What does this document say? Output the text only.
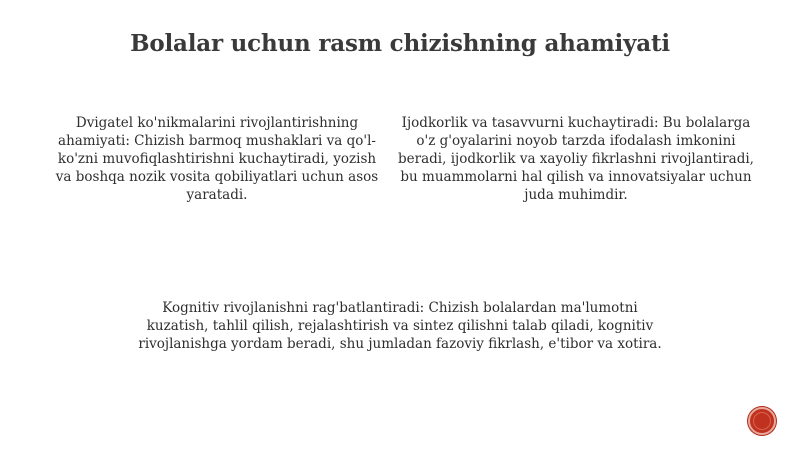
Bolalar uchun rasm chizishning ahamiyati

Dvigatel ko'nikmalarini rivojlantirishning ahamiyati: Chizish barmoq mushaklari va qo'l-ko'zni muvofiqlashtirishni kuchaytiradi, yozish va boshqa nozik vosita qobiliyatlari uchun asos yaratadi.

Ijodkorlik va tasavvurni kuchaytiradi: Bu bolalarga o'z g'oyalarini noyob tarzda ifodalash imkonini beradi, ijodkorlik va xayoliy fikrlashni rivojlantiradi, bu muammolarni hal qilish va innovatsiyalar uchun juda muhimdir.

Kognitiv rivojlanishni rag'batlantiradi: Chizish bolalardan ma'lumotni kuzatish, tahlil qilish, rejalashtirish va sintez qilishni talab qiladi, kognitiv rivojlanishga yordam beradi, shu jumladan fazoviy fikrlash, e'tibor va xotira.
